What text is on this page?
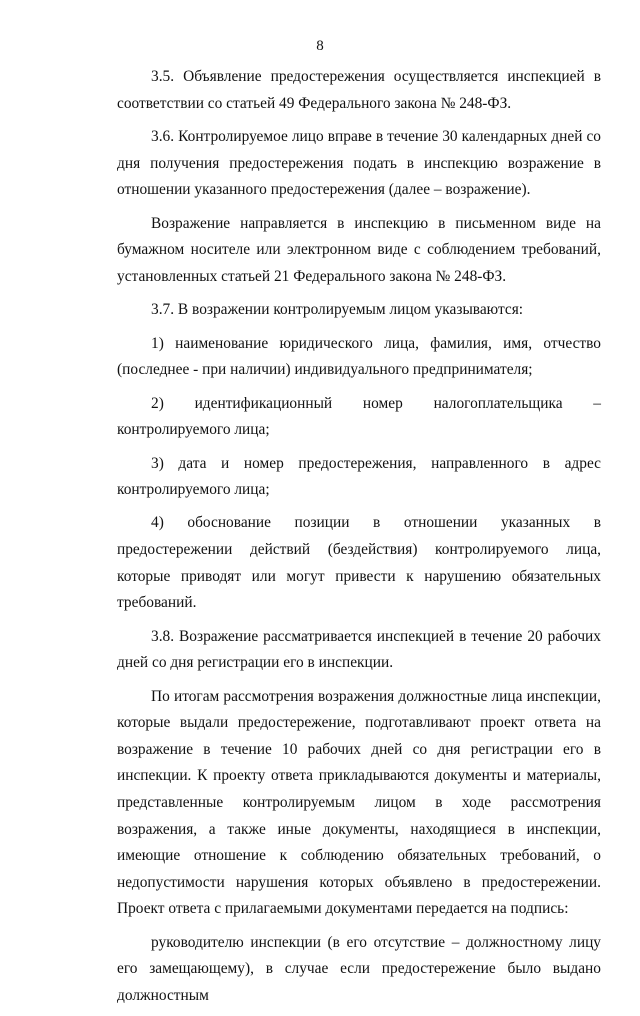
8

3.5. Объявление предостережения осуществляется инспекцией в соответствии со статьей 49 Федерального закона № 248-ФЗ.

3.6. Контролируемое лицо вправе в течение 30 календарных дней со дня получения предостережения подать в инспекцию возражение в отношении указанного предостережения (далее – возражение).

Возражение направляется в инспекцию в письменном виде на бумажном носителе или электронном виде с соблюдением требований, установленных статьей 21 Федерального закона № 248-ФЗ.

3.7. В возражении контролируемым лицом указываются:

1) наименование юридического лица, фамилия, имя, отчество (последнее - при наличии) индивидуального предпринимателя;

2) идентификационный номер налогоплательщика – контролируемого лица;

3) дата и номер предостережения, направленного в адрес контролируемого лица;

4) обоснование позиции в отношении указанных в предостережении действий (бездействия) контролируемого лица, которые приводят или могут привести к нарушению обязательных требований.

3.8. Возражение рассматривается инспекцией в течение 20 рабочих дней со дня регистрации его в инспекции.

По итогам рассмотрения возражения должностные лица инспекции, которые выдали предостережение, подготавливают проект ответа на возражение в течение 10 рабочих дней со дня регистрации его в инспекции. К проекту ответа прикладываются документы и материалы, представленные контролируемым лицом в ходе рассмотрения возражения, а также иные документы, находящиеся в инспекции, имеющие отношение к соблюдению обязательных требований, о недопустимости нарушения которых объявлено в предостережении. Проект ответа с прилагаемыми документами передается на подпись:

руководителю инспекции (в его отсутствие – должностному лицу его замещающему), в случае если предостережение было выдано должностным
